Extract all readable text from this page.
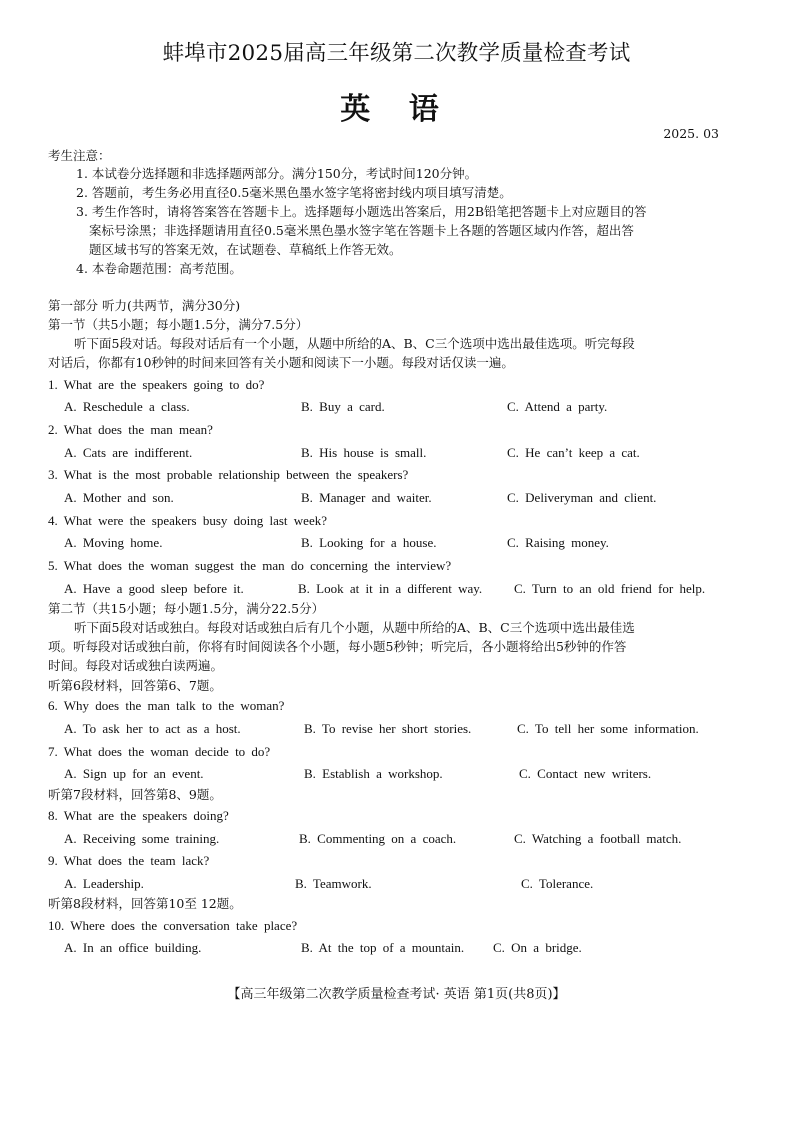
蚌埠市2025届高三年级第二次教学质量检查考试
英 语
2025. 03
考生注意：
1. 本试卷分选择题和非选择题两部分。满分150分，考试时间120分钟。
2. 答题前，考生务必用直径0.5毫米黑色墨水签字笔将密封线内项目填写清楚。
3. 考生作答时，请将答案答在答题卡上。选择题每小题选出答案后，用2B铅笔把答题卡上对应题目的答
案标号涂黑；非选择题请用直径0.5毫米黑色墨水签字笔在答题卡上各题的答题区域内作答，超出答
题区域书写的答案无效，在试题卷、草稿纸上作答无效。
4. 本卷命题范围：高考范围。
第一部分 听力(共两节，满分30分)
第一节（共5小题；每小题1.5分，满分7.5分）
听下面5段对话。每段对话后有一个小题，从题中所给的A、B、C三个选项中选出最佳选项。听完每段
对话后，你都有10秒钟的时间来回答有关小题和阅读下一小题。每段对话仅读一遍。
1. What are the speakers going to do?
A. Reschedule a class.	B. Buy a card.	C. Attend a party.
2. What does the man mean?
A. Cats are indifferent.	B. His house is small.	C. He can’t keep a cat.
3. What is the most probable relationship between the speakers?
A. Mother and son.	B. Manager and waiter.	C. Deliveryman and client.
4. What were the speakers busy doing last week?
A. Moving home.	B. Looking for a house.	C. Raising money.
5. What does the woman suggest the man do concerning the interview?
A. Have a good sleep before it.	B. Look at it in a different way. C. Turn to an old friend for help.
第二节（共15小题；每小题1.5分，满分22.5分）
听下面5段对话或独白。每段对话或独白后有几个小题，从题中所给的A、B、C三个选项中选出最佳选
项。听每段对话或独白前，你将有时间阅读各个小题，每小题5秒钟；听完后，各小题将给出5秒钟的作答
时间。每段对话或独白读两遍。
听第6段材料，回答第6、7题。
6. Why does the man talk to the woman?
A. To ask her to act as a host.	B. To revise her short stories.	C. To tell her some information.
7. What does the woman decide to do?
A. Sign up for an event.	B. Establish a workshop.	C. Contact new writers.
听第7段材料，回答第8、9题。
8. What are the speakers doing?
A. Receiving some training.	B. Commenting on a coach.	C. Watching a football match.
9. What does the team lack?
A. Leadership.	B. Teamwork.	C. Tolerance.
听第8段材料，回答第10至 12题。
10. Where does the conversation take place?
A. In an office building.	B. At the top of a mountain. C. On a bridge.
【高三年级第二次教学质量检查考试· 英语 第1页(共8页)】
